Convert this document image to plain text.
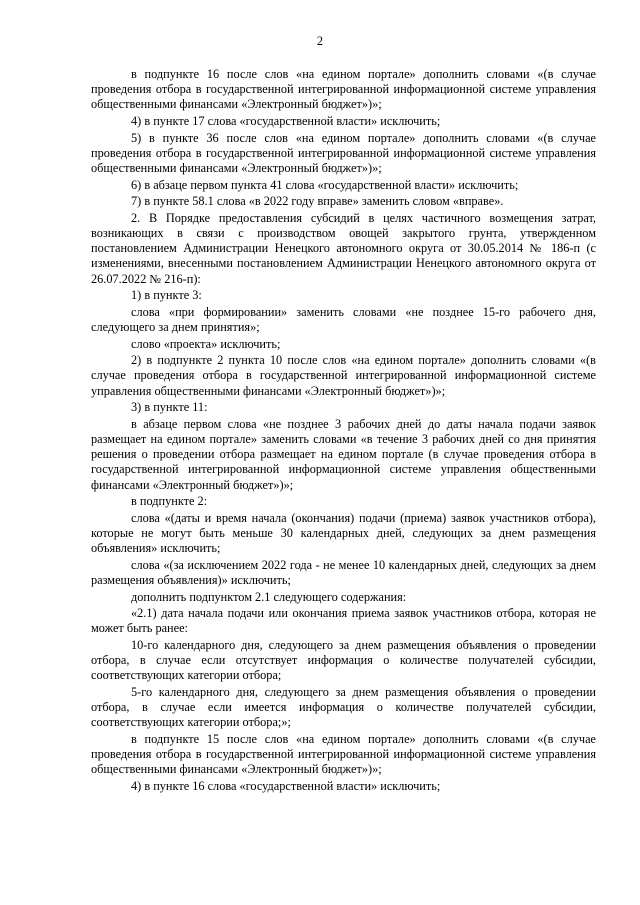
2

в подпункте 16 после слов «на едином портале» дополнить словами «(в случае проведения отбора в государственной интегрированной информационной системе управления общественными финансами «Электронный бюджет»)»;

4) в пункте 17 слова «государственной власти» исключить;

5) в пункте 36 после слов «на едином портале» дополнить словами «(в случае проведения отбора в государственной интегрированной информационной системе управления общественными финансами «Электронный бюджет»)»;

6) в абзаце первом пункта 41 слова «государственной власти» исключить;

7) в пункте 58.1 слова «в 2022 году вправе» заменить словом «вправе».

2. В Порядке предоставления субсидий в целях частичного возмещения затрат, возникающих в связи с производством овощей закрытого грунта, утвержденном постановлением Администрации Ненецкого автономного округа от 30.05.2014 № 186-п (с изменениями, внесенными постановлением Администрации Ненецкого автономного округа от 26.07.2022 № 216-п):

1) в пункте 3:

слова «при формировании» заменить словами «не позднее 15-го рабочего дня, следующего за днем принятия»;

слово «проекта» исключить;

2) в подпункте 2 пункта 10 после слов «на едином портале» дополнить словами «(в случае проведения отбора в государственной интегрированной информационной системе управления общественными финансами «Электронный бюджет»)»;

3) в пункте 11:

в абзаце первом слова «не позднее 3 рабочих дней до даты начала подачи заявок размещает на едином портале» заменить словами «в течение 3 рабочих дней со дня принятия решения о проведении отбора размещает на едином портале (в случае проведения отбора в государственной интегрированной информационной системе управления общественными финансами «Электронный бюджет»)»;

в подпункте 2:

слова «(даты и время начала (окончания) подачи (приема) заявок участников отбора), которые не могут быть меньше 30 календарных дней, следующих за днем размещения объявления» исключить;

слова «(за исключением 2022 года - не менее 10 календарных дней, следующих за днем размещения объявления)» исключить;

дополнить подпунктом 2.1 следующего содержания:

«2.1) дата начала подачи или окончания приема заявок участников отбора, которая не может быть ранее:

10-го календарного дня, следующего за днем размещения объявления о проведении отбора, в случае если отсутствует информация о количестве получателей субсидии, соответствующих категории отбора;

5-го календарного дня, следующего за днем размещения объявления о проведении отбора, в случае если имеется информация о количестве получателей субсидии, соответствующих категории отбора;»;

в подпункте 15 после слов «на едином портале» дополнить словами «(в случае проведения отбора в государственной интегрированной информационной системе управления общественными финансами «Электронный бюджет»)»;

4) в пункте 16 слова «государственной власти» исключить;
